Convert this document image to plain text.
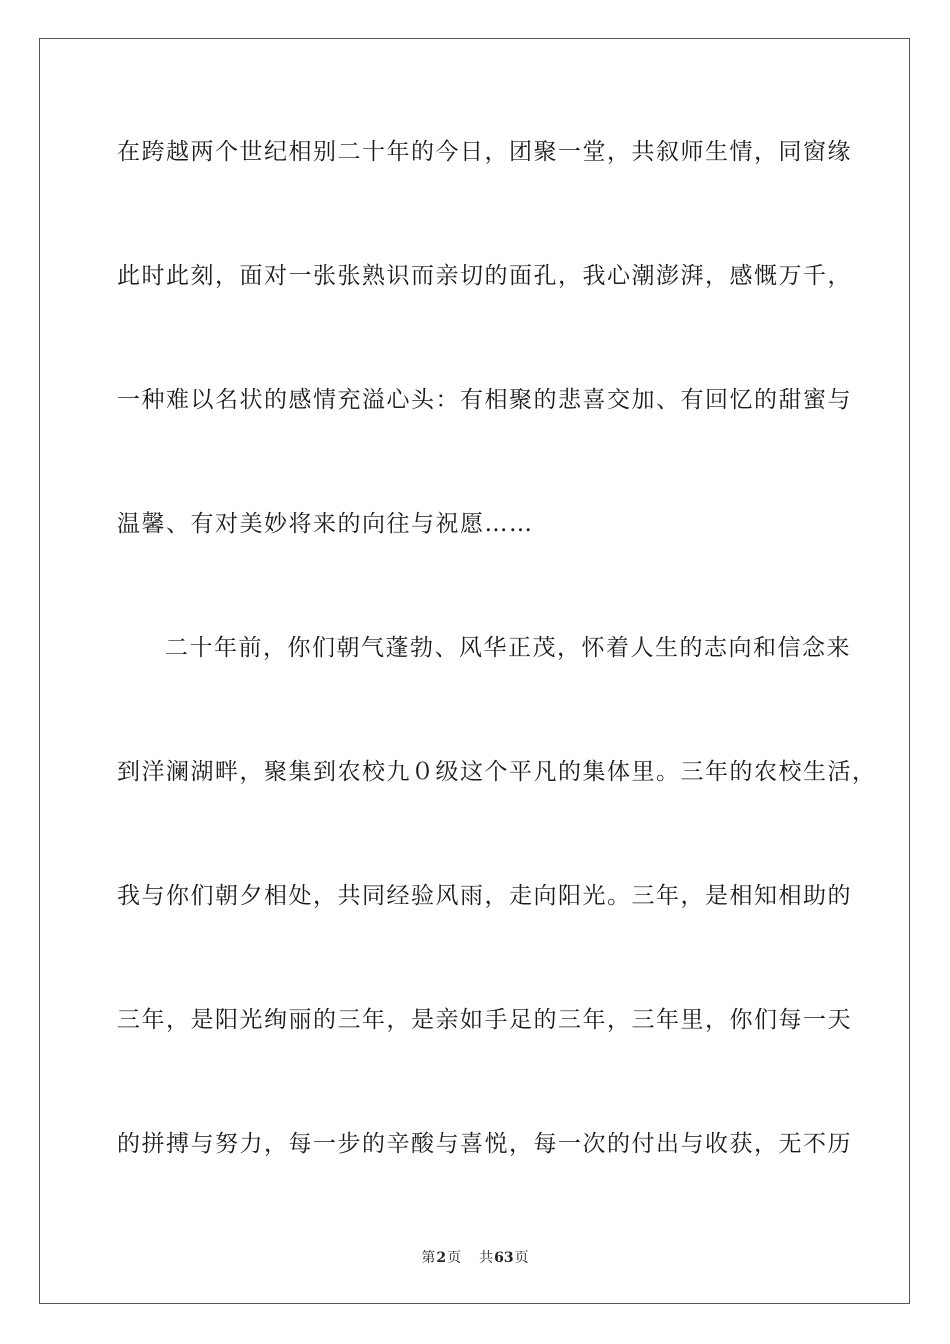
在跨越两个世纪相别二十年的今日，团聚一堂，共叙师生情，同窗缘
此时此刻，面对一张张熟识而亲切的面孔，我心潮澎湃，感慨万千，
一种难以名状的感情充溢心头：有相聚的悲喜交加、有回忆的甜蜜与
温馨、有对美妙将来的向往与祝愿……
二十年前，你们朝气蓬勃、风华正茂，怀着人生的志向和信念来
到洋澜湖畔，聚集到农校九０级这个平凡的集体里。三年的农校生活，
我与你们朝夕相处，共同经验风雨，走向阳光。三年，是相知相助的
三年，是阳光绚丽的三年，是亲如手足的三年，三年里，你们每一天
的拼搏与努力，每一步的辛酸与喜悦，每一次的付出与收获，无不历
第2页 共63页
